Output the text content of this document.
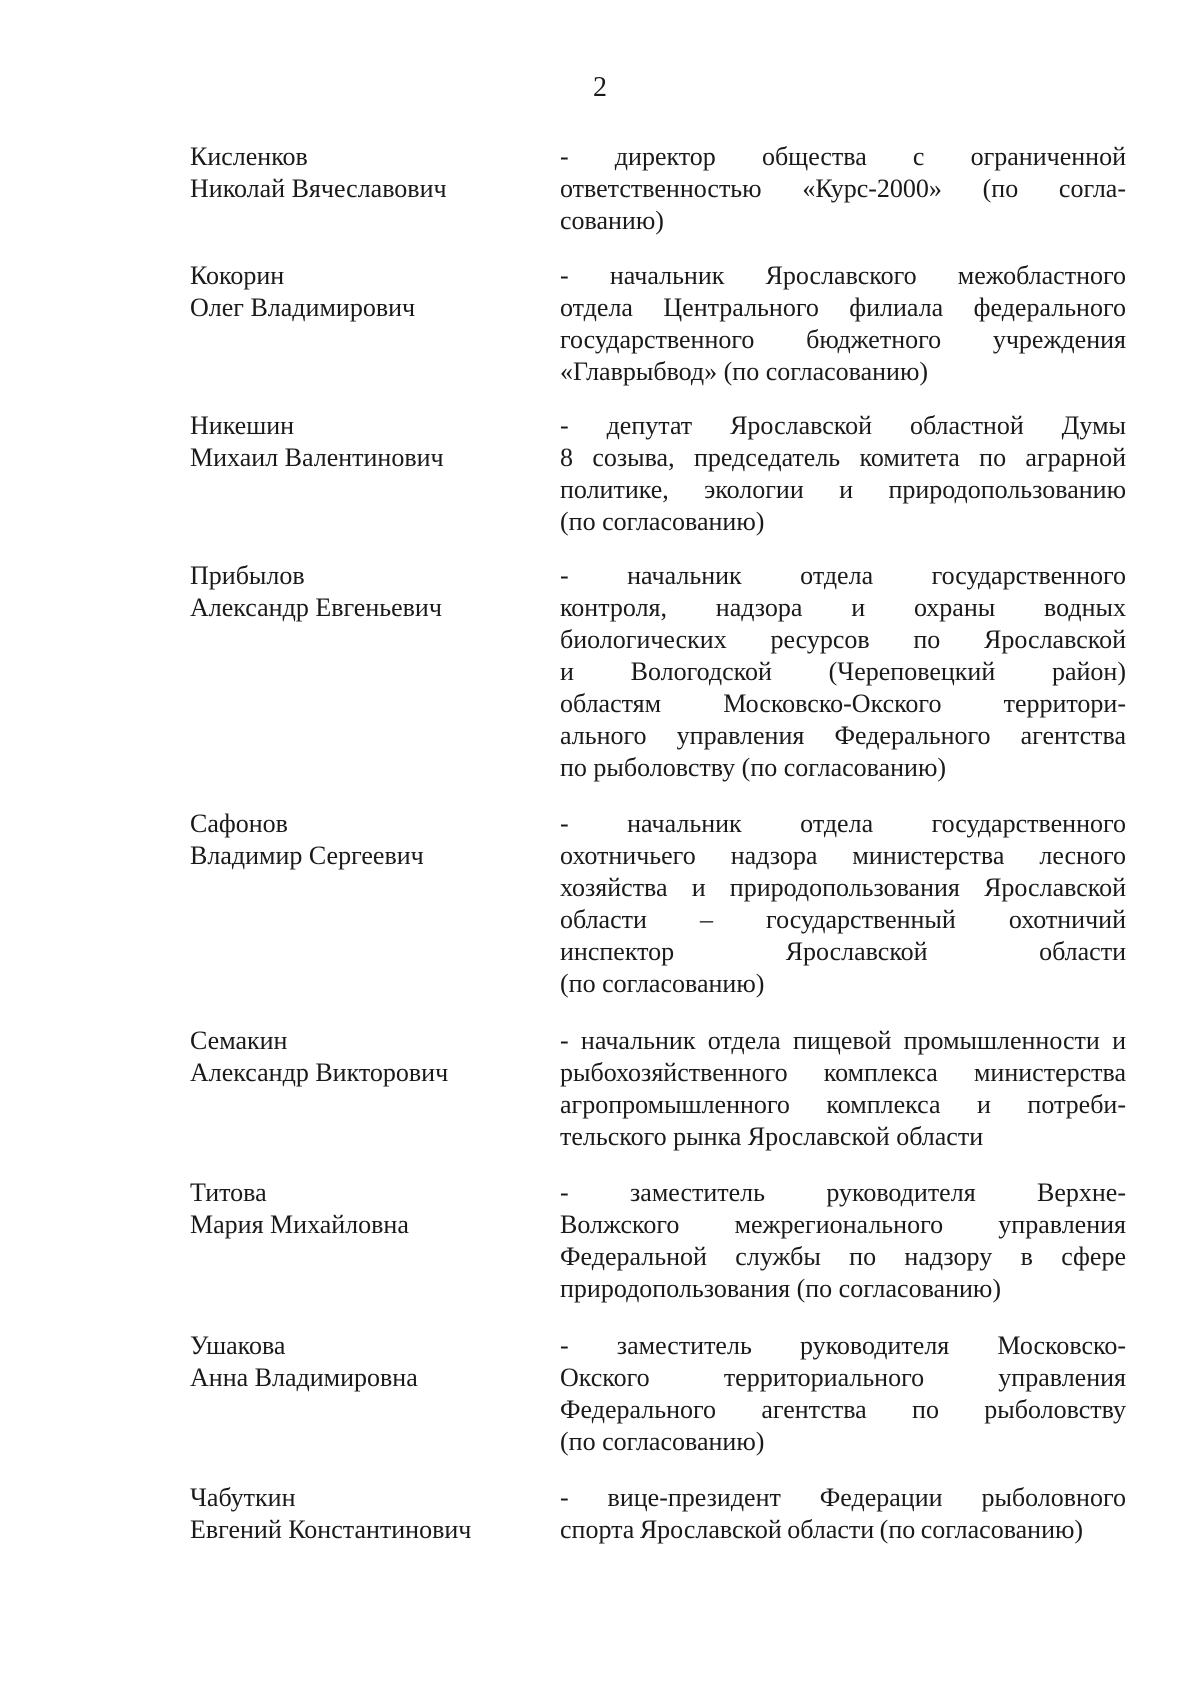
2
Кисленков
Николай Вячеславович
- директор общества с ограниченной
ответственностью «Курс-2000» (по согла-
сованию)
Кокорин
Олег Владимирович
- начальник Ярославского межобластного
отдела Центрального филиала федерального
государственного бюджетного учреждения
«Главрыбвод» (по согласованию)
Никешин
Михаил Валентинович
- депутат Ярославской областной Думы
8 созыва, председатель комитета по аграрной
политике, экологии и природопользованию
(по согласованию)
Прибылов
Александр Евгеньевич
- начальник отдела государственного
контроля, надзора и охраны водных
биологических ресурсов по Ярославской
и Вологодской (Череповецкий район)
областям Московско-Окского территори-
ального управления Федерального агентства
по рыболовству (по согласованию)
Сафонов
Владимир Сергеевич
- начальник отдела государственного
охотничьего надзора министерства лесного
хозяйства и природопользования Ярославской
области – государственный охотничий
инспектор Ярославской области
(по согласованию)
Семакин
Александр Викторович
- начальник отдела пищевой промышленности и
рыбохозяйственного комплекса министерства
агропромышленного комплекса и потреби-
тельского рынка Ярославской области
Титова
Мария Михайловна
- заместитель руководителя Верхне-
Волжского межрегионального управления
Федеральной службы по надзору в сфере
природопользования (по согласованию)
Ушакова
Анна Владимировна
- заместитель руководителя Московско-
Окского территориального управления
Федерального агентства по рыболовству
(по согласованию)
Чабуткин
Евгений Константинович
- вице-президент Федерации рыболовного
спорта Ярославской области (по согласованию)
